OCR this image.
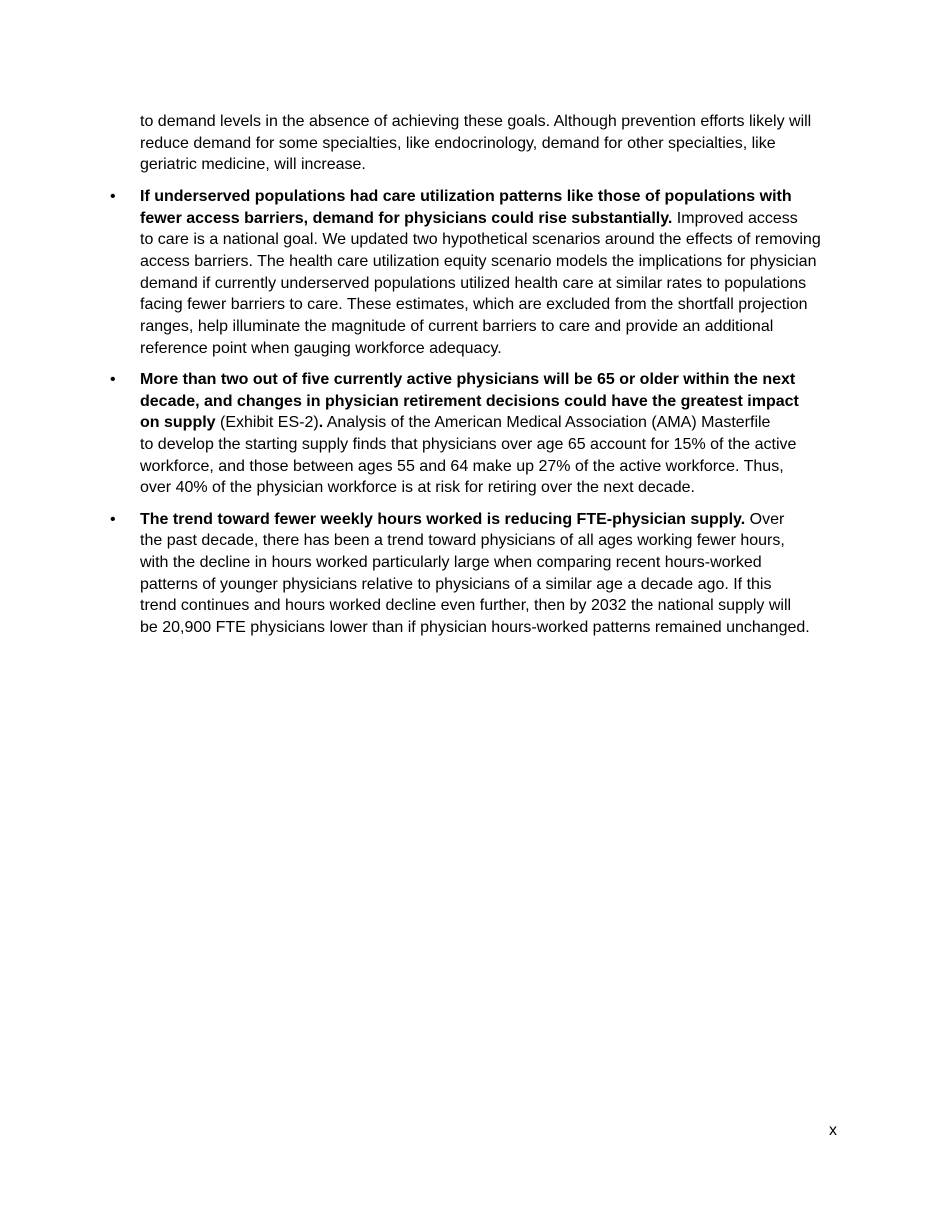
to demand levels in the absence of achieving these goals. Although prevention efforts likely will

reduce demand for some specialties, like endocrinology, demand for other specialties, like

geriatric medicine, will increase.

• If underserved populations had care utilization patterns like those of populations with

fewer access barriers, demand for physicians could rise substantially. Improved access

to care is a national goal. We updated two hypothetical scenarios around the effects of removing

access barriers. The health care utilization equity scenario models the implications for physician

demand if currently underserved populations utilized health care at similar rates to populations

facing fewer barriers to care. These estimates, which are excluded from the shortfall projection

ranges, help illuminate the magnitude of current barriers to care and provide an additional

reference point when gauging workforce adequacy.

• More than two out of five currently active physicians will be 65 or older within the next

decade, and changes in physician retirement decisions could have the greatest impact

on supply (Exhibit ES-2). Analysis of the American Medical Association (AMA) Masterfile

to develop the starting supply finds that physicians over age 65 account for 15% of the active

workforce, and those between ages 55 and 64 make up 27% of the active workforce. Thus,

over 40% of the physician workforce is at risk for retiring over the next decade.

• The trend toward fewer weekly hours worked is reducing FTE-physician supply. Over

the past decade, there has been a trend toward physicians of all ages working fewer hours,

with the decline in hours worked particularly large when comparing recent hours-worked

patterns of younger physicians relative to physicians of a similar age a decade ago. If this

trend continues and hours worked decline even further, then by 2032 the national supply will

be 20,900 FTE physicians lower than if physician hours-worked patterns remained unchanged.

x
